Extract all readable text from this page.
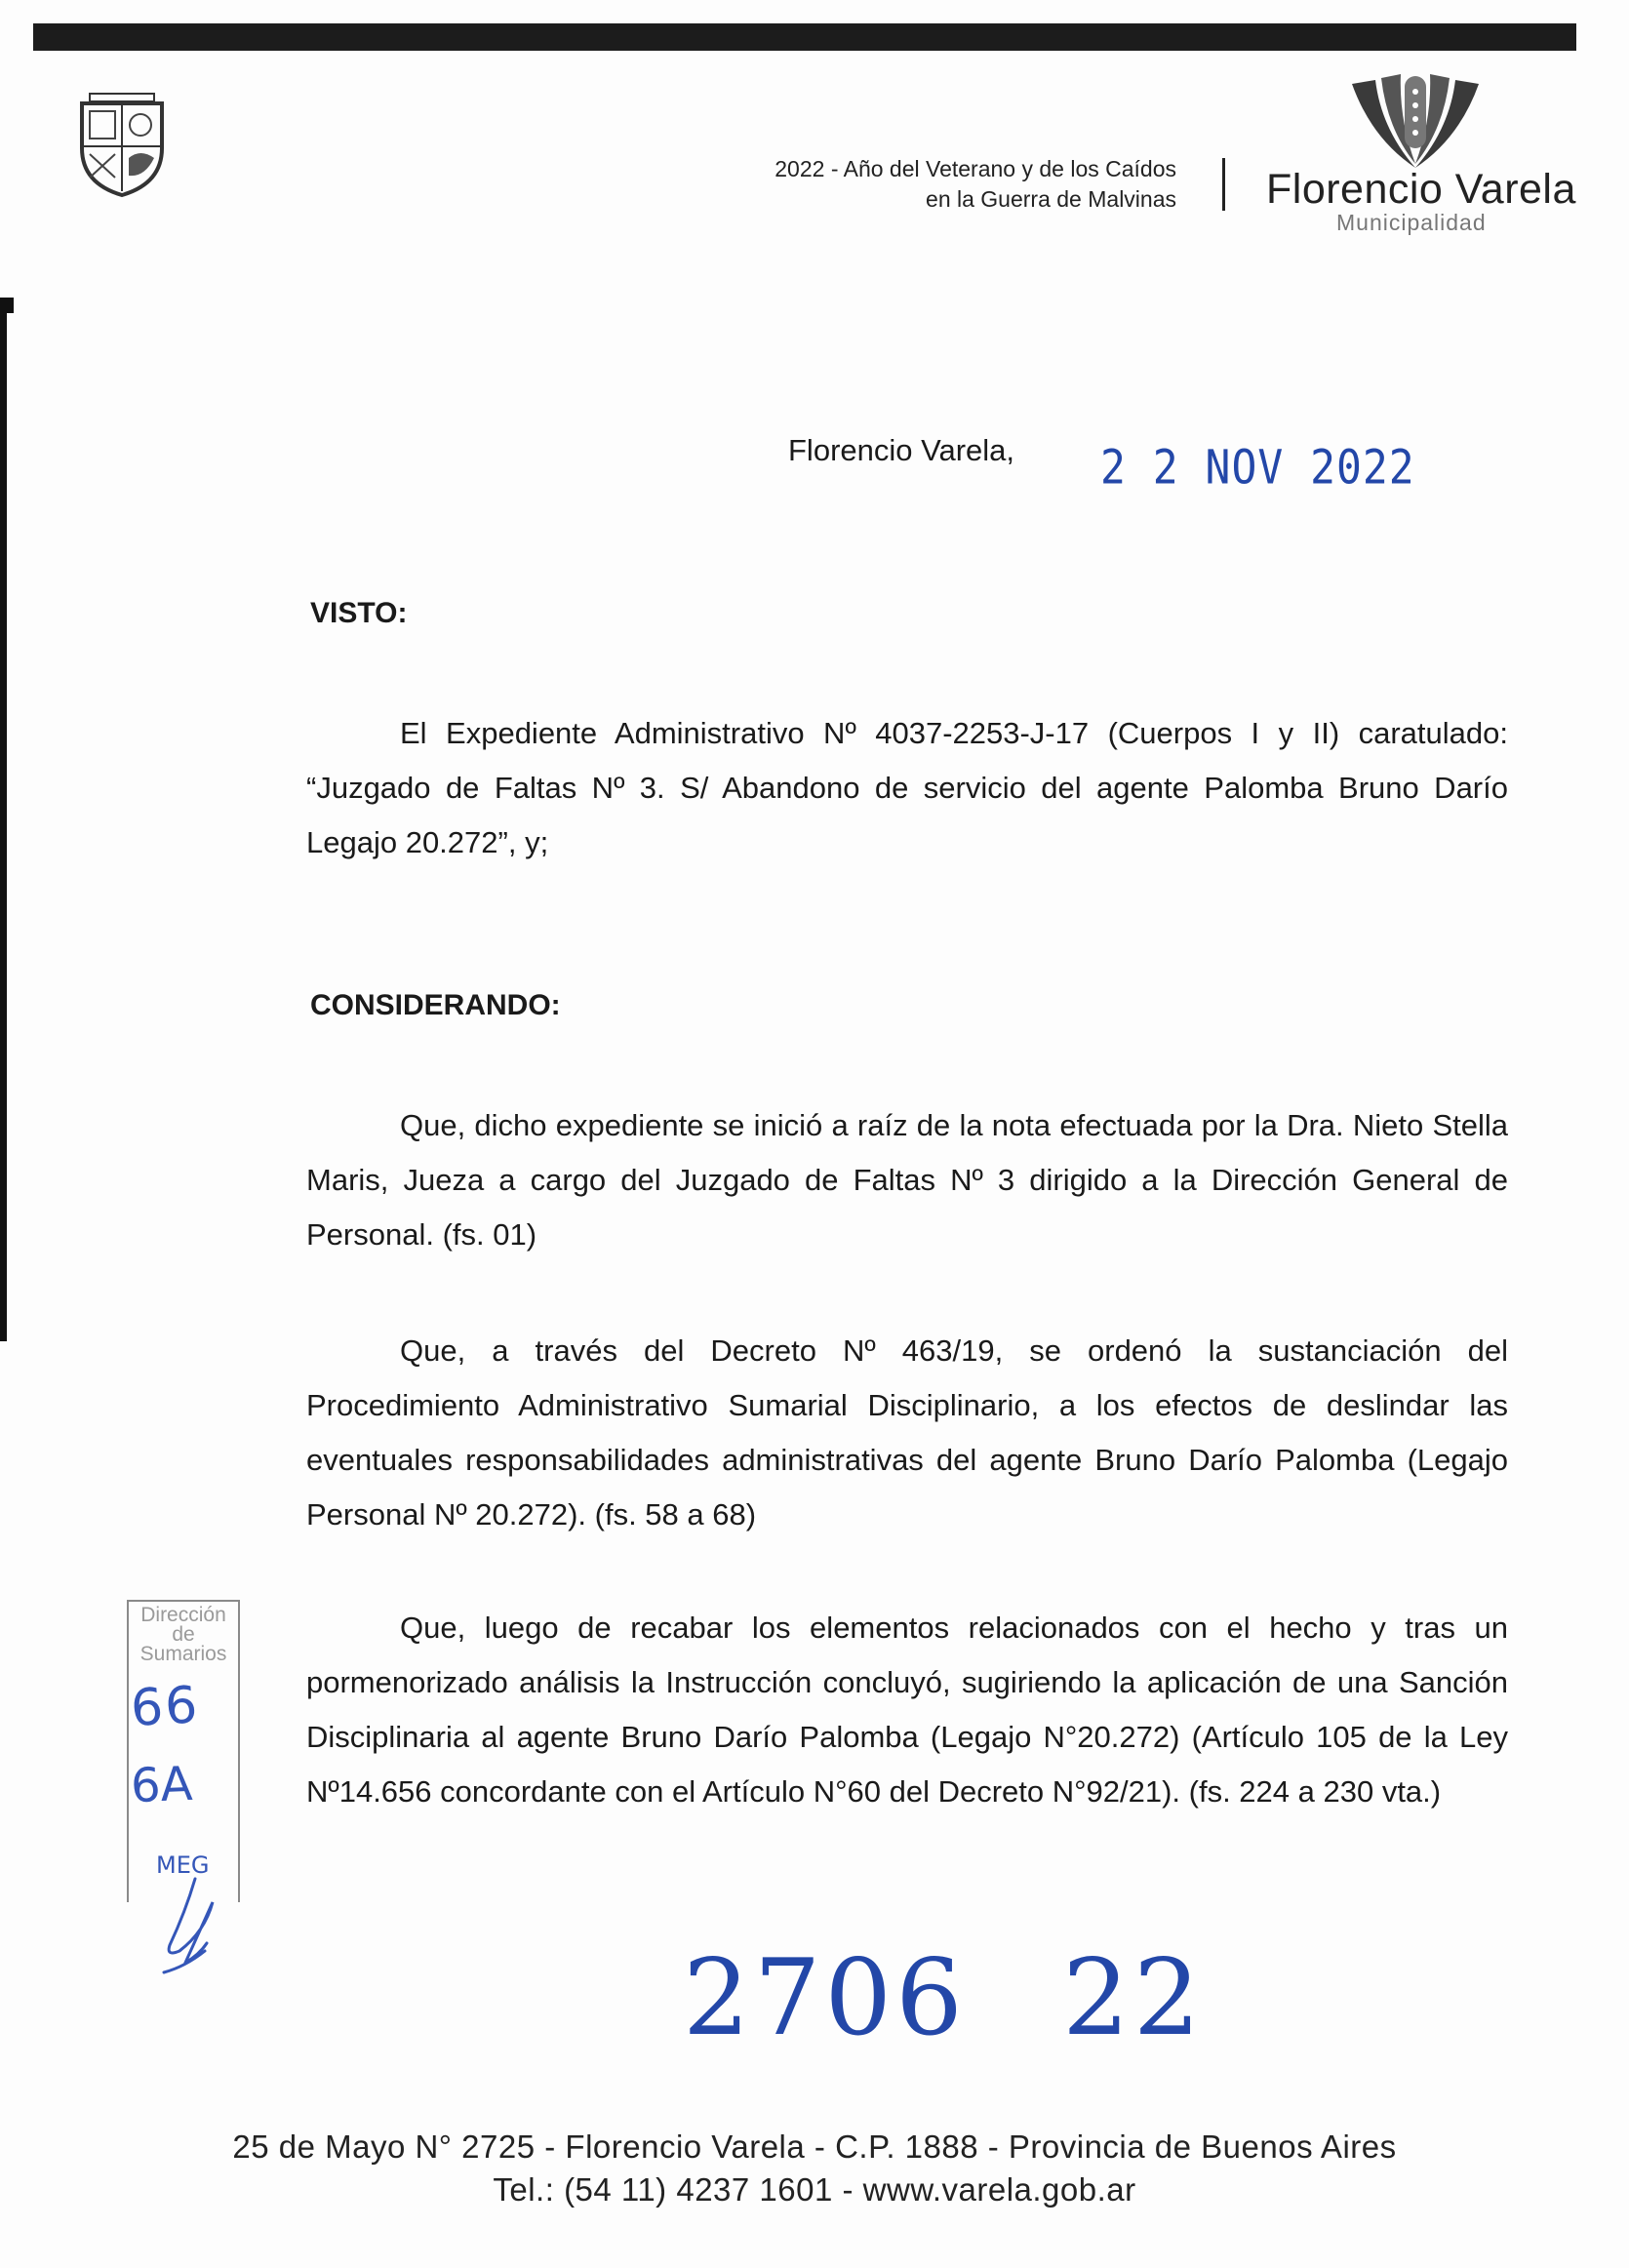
2022 - Año del Veterano y de los Caídos
en la Guerra de Malvinas Florencio Varela
Municipalidad
Florencio Varela, 2 2 NOV 2022
VISTO:
El Expediente Administrativo Nº 4037-2253-J-17 (Cuerpos I y II) caratulado: “Juzgado de Faltas Nº 3. S/ Abandono de servicio del agente Palomba Bruno Darío Legajo 20.272”, y;
CONSIDERANDO:
Que, dicho expediente se inició a raíz de la nota efectuada por la Dra. Nieto Stella Maris, Jueza a cargo del Juzgado de Faltas Nº 3 dirigido a la Dirección General de Personal. (fs. 01)
Que, a través del Decreto Nº 463/19, se ordenó la sustanciación del Procedimiento Administrativo Sumarial Disciplinario, a los efectos de deslindar las eventuales responsabilidades administrativas del agente Bruno Darío Palomba (Legajo Personal Nº 20.272). (fs. 58 a 68)
Que, luego de recabar los elementos relacionados con el hecho y tras un pormenorizado análisis la Instrucción concluyó, sugiriendo la aplicación de una Sanción Disciplinaria al agente Bruno Darío Palomba (Legajo N°20.272) (Artículo 105 de la Ley Nº14.656 concordante con el Artículo N°60 del Decreto N°92/21). (fs. 224 a 230 vta.)
Dirección de Sumarios
66
6A
MEG
2706 22
25 de Mayo N° 2725 - Florencio Varela - C.P. 1888 - Provincia de Buenos Aires
Tel.: (54 11) 4237 1601 - www.varela.gob.ar
